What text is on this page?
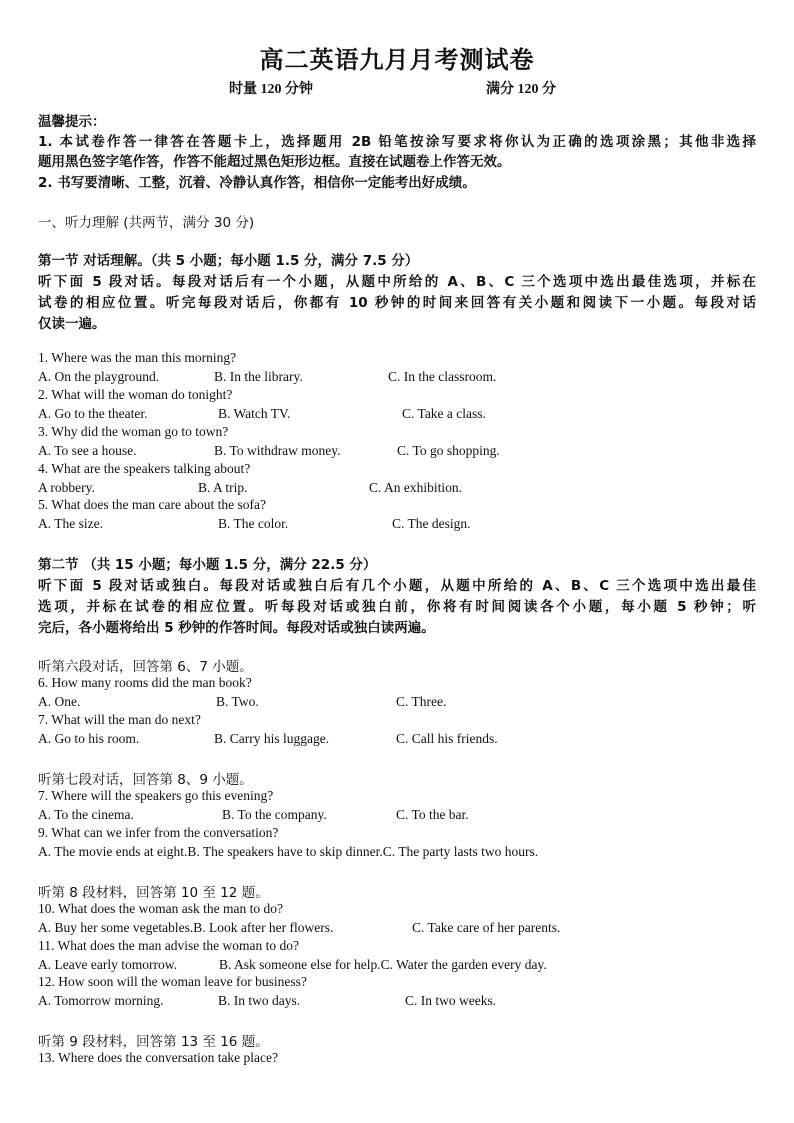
高二英语九月月考测试卷
时量 120 分钟	满分 120 分
温馨提示：
1. 本试卷作答一律答在答题卡上，选择题用 2B 铅笔按涂写要求将你认为正确的选项涂黑；其他非选择
题用黑色签字笔作答，作答不能超过黑色矩形边框。直接在试题卷上作答无效。
2. 书写要清晰、工整，沉着、冷静认真作答，相信你一定能考出好成绩。
一、听力理解 (共两节，满分 30 分)
第一节 对话理解。（共 5 小题；每小题 1.5 分，满分 7.5 分）
听下面 5 段对话。每段对话后有一个小题，从题中所给的 A、B、C 三个选项中选出最佳选项，并标在
试卷的相应位置。听完每段对话后，你都有 10 秒钟的时间来回答有关小题和阅读下一小题。每段对话
仅读一遍。
1. Where was the man this morning?
A. On the playground.	B. In the library.	C. In the classroom.
2. What will the woman do tonight?
A. Go to the theater.	B. Watch TV.	C. Take a class.
3. Why did the woman go to town?
A. To see a house.	B. To withdraw money.	C. To go shopping.
4. What are the speakers talking about?
A robbery.	B. A trip.	C. An exhibition.
5. What does the man care about the sofa?
A. The size.	B. The color.	C. The design.
第二节 （共 15 小题；每小题 1.5 分，满分 22.5 分）
听下面 5 段对话或独白。每段对话或独白后有几个小题，从题中所给的 A、B、C 三个选项中选出最佳
选项，并标在试卷的相应位置。听每段对话或独白前，你将有时间阅读各个小题，每小题 5 秒钟；听
完后，各小题将给出 5 秒钟的作答时间。每段对话或独白读两遍。
听第六段对话，回答第 6、7 小题。
6. How many rooms did the man book?
A. One.	B. Two.	C. Three.
7. What will the man do next?
A. Go to his room.	B. Carry his luggage.	C. Call his friends.
听第七段对话，回答第 8、9 小题。
7. Where will the speakers go this evening?
A. To the cinema.	B. To the company.	C. To the bar.
9. What can we infer from the conversation?
A. The movie ends at eight.B. The speakers have to skip dinner.C. The party lasts two hours.
听第 8 段材料，回答第 10 至 12 题。
10. What does the woman ask the man to do?
A. Buy her some vegetables.B. Look after her flowers.	C. Take care of her parents.
11. What does the man advise the woman to do?
A. Leave early tomorrow.	B. Ask someone else for help.C. Water the garden every day.
12. How soon will the woman leave for business?
A. Tomorrow morning.	B. In two days.	C. In two weeks.
听第 9 段材料，回答第 13 至 16 题。
13. Where does the conversation take place?
